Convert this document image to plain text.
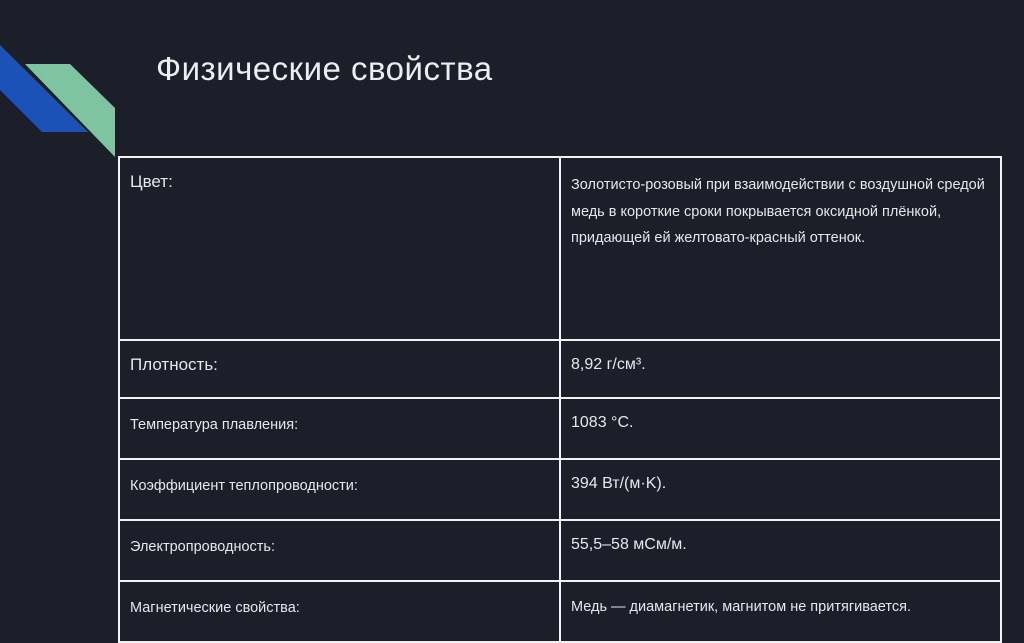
Физические свойства
Цвет:	Золотисто-розовый при взаимодействии с воздушной средой медь в короткие сроки покрывается оксидной плёнкой, придающей ей желтовато-красный оттенок.
Плотность:	8,92 г/см³.
Температура плавления:	1083 °C.
Коэффициент теплопроводности:	394 Вт/(м·K).
Электропроводность:	55,5–58 мСм/м.
Магнетические свойства:	Медь — диамагнетик, магнитом не притягивается.
